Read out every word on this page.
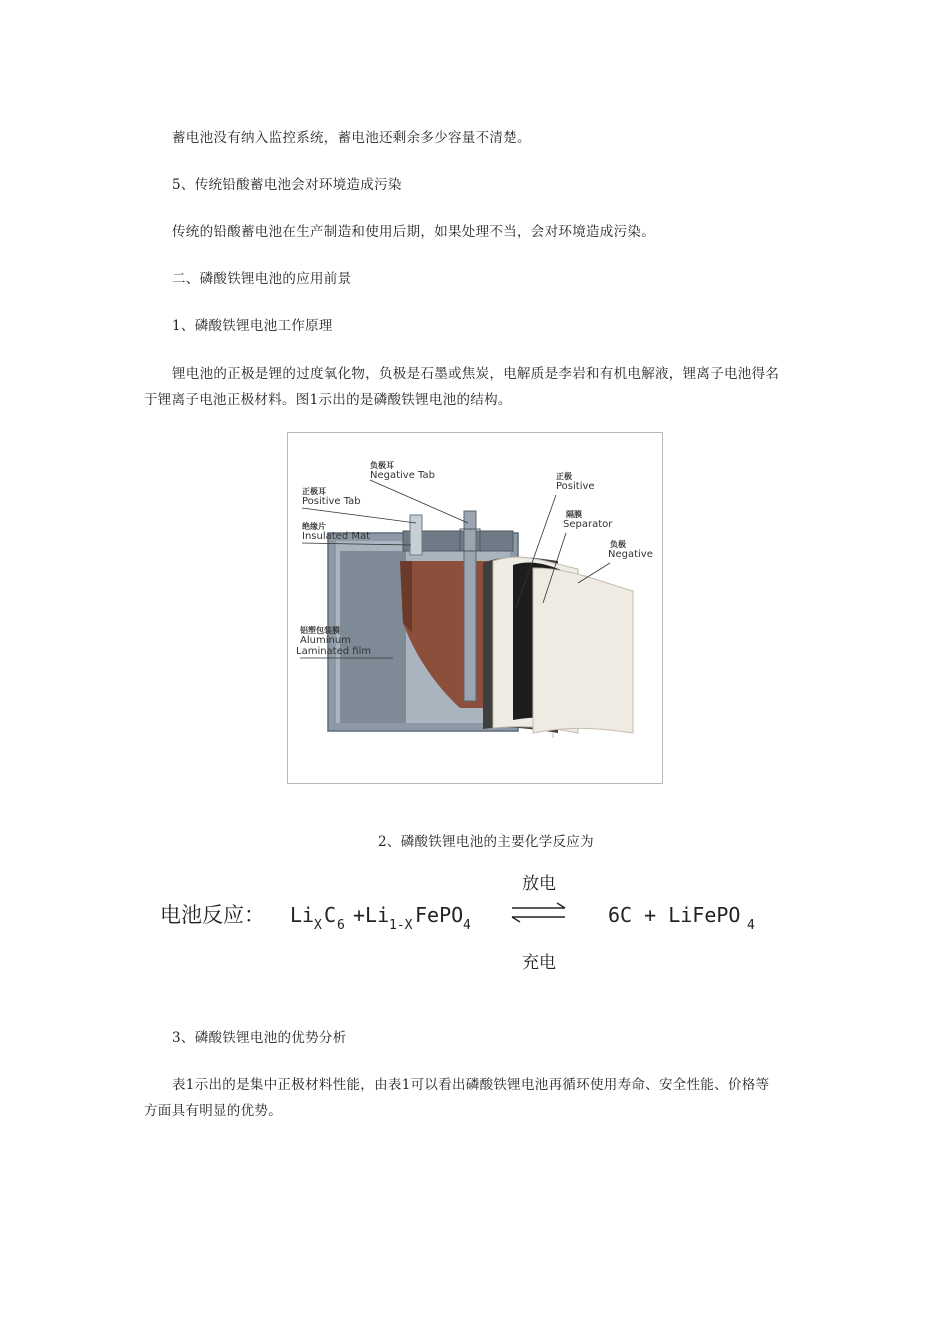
蓄电池没有纳入监控系统，蓄电池还剩余多少容量不清楚。
5、传统铅酸蓄电池会对环境造成污染
传统的铅酸蓄电池在生产制造和使用后期，如果处理不当，会对环境造成污染。
二、磷酸铁锂电池的应用前景
1、磷酸铁锂电池工作原理
锂电池的正极是锂的过度氧化物，负极是石墨或焦炭，电解质是李岩和有机电解液，锂离子电池得名
于锂离子电池正极材料。图1示出的是磷酸铁锂电池的结构。
负极耳
Negative Tab
正极耳
Positive Tab
绝缘片
Insulated Mat
铝塑包装膜
Aluminum
Laminated film
正极
Positive
隔膜
Separator
负极
Negative
2、磷酸铁锂电池的主要化学反应为
放电
电池反应： Li X C 6 +Li 1-X FePO 4	6C + LiFePO 4
充电
3、磷酸铁锂电池的优势分析
表1示出的是集中正极材料性能，由表1可以看出磷酸铁锂电池再循环使用寿命、安全性能、价格等
方面具有明显的优势。
